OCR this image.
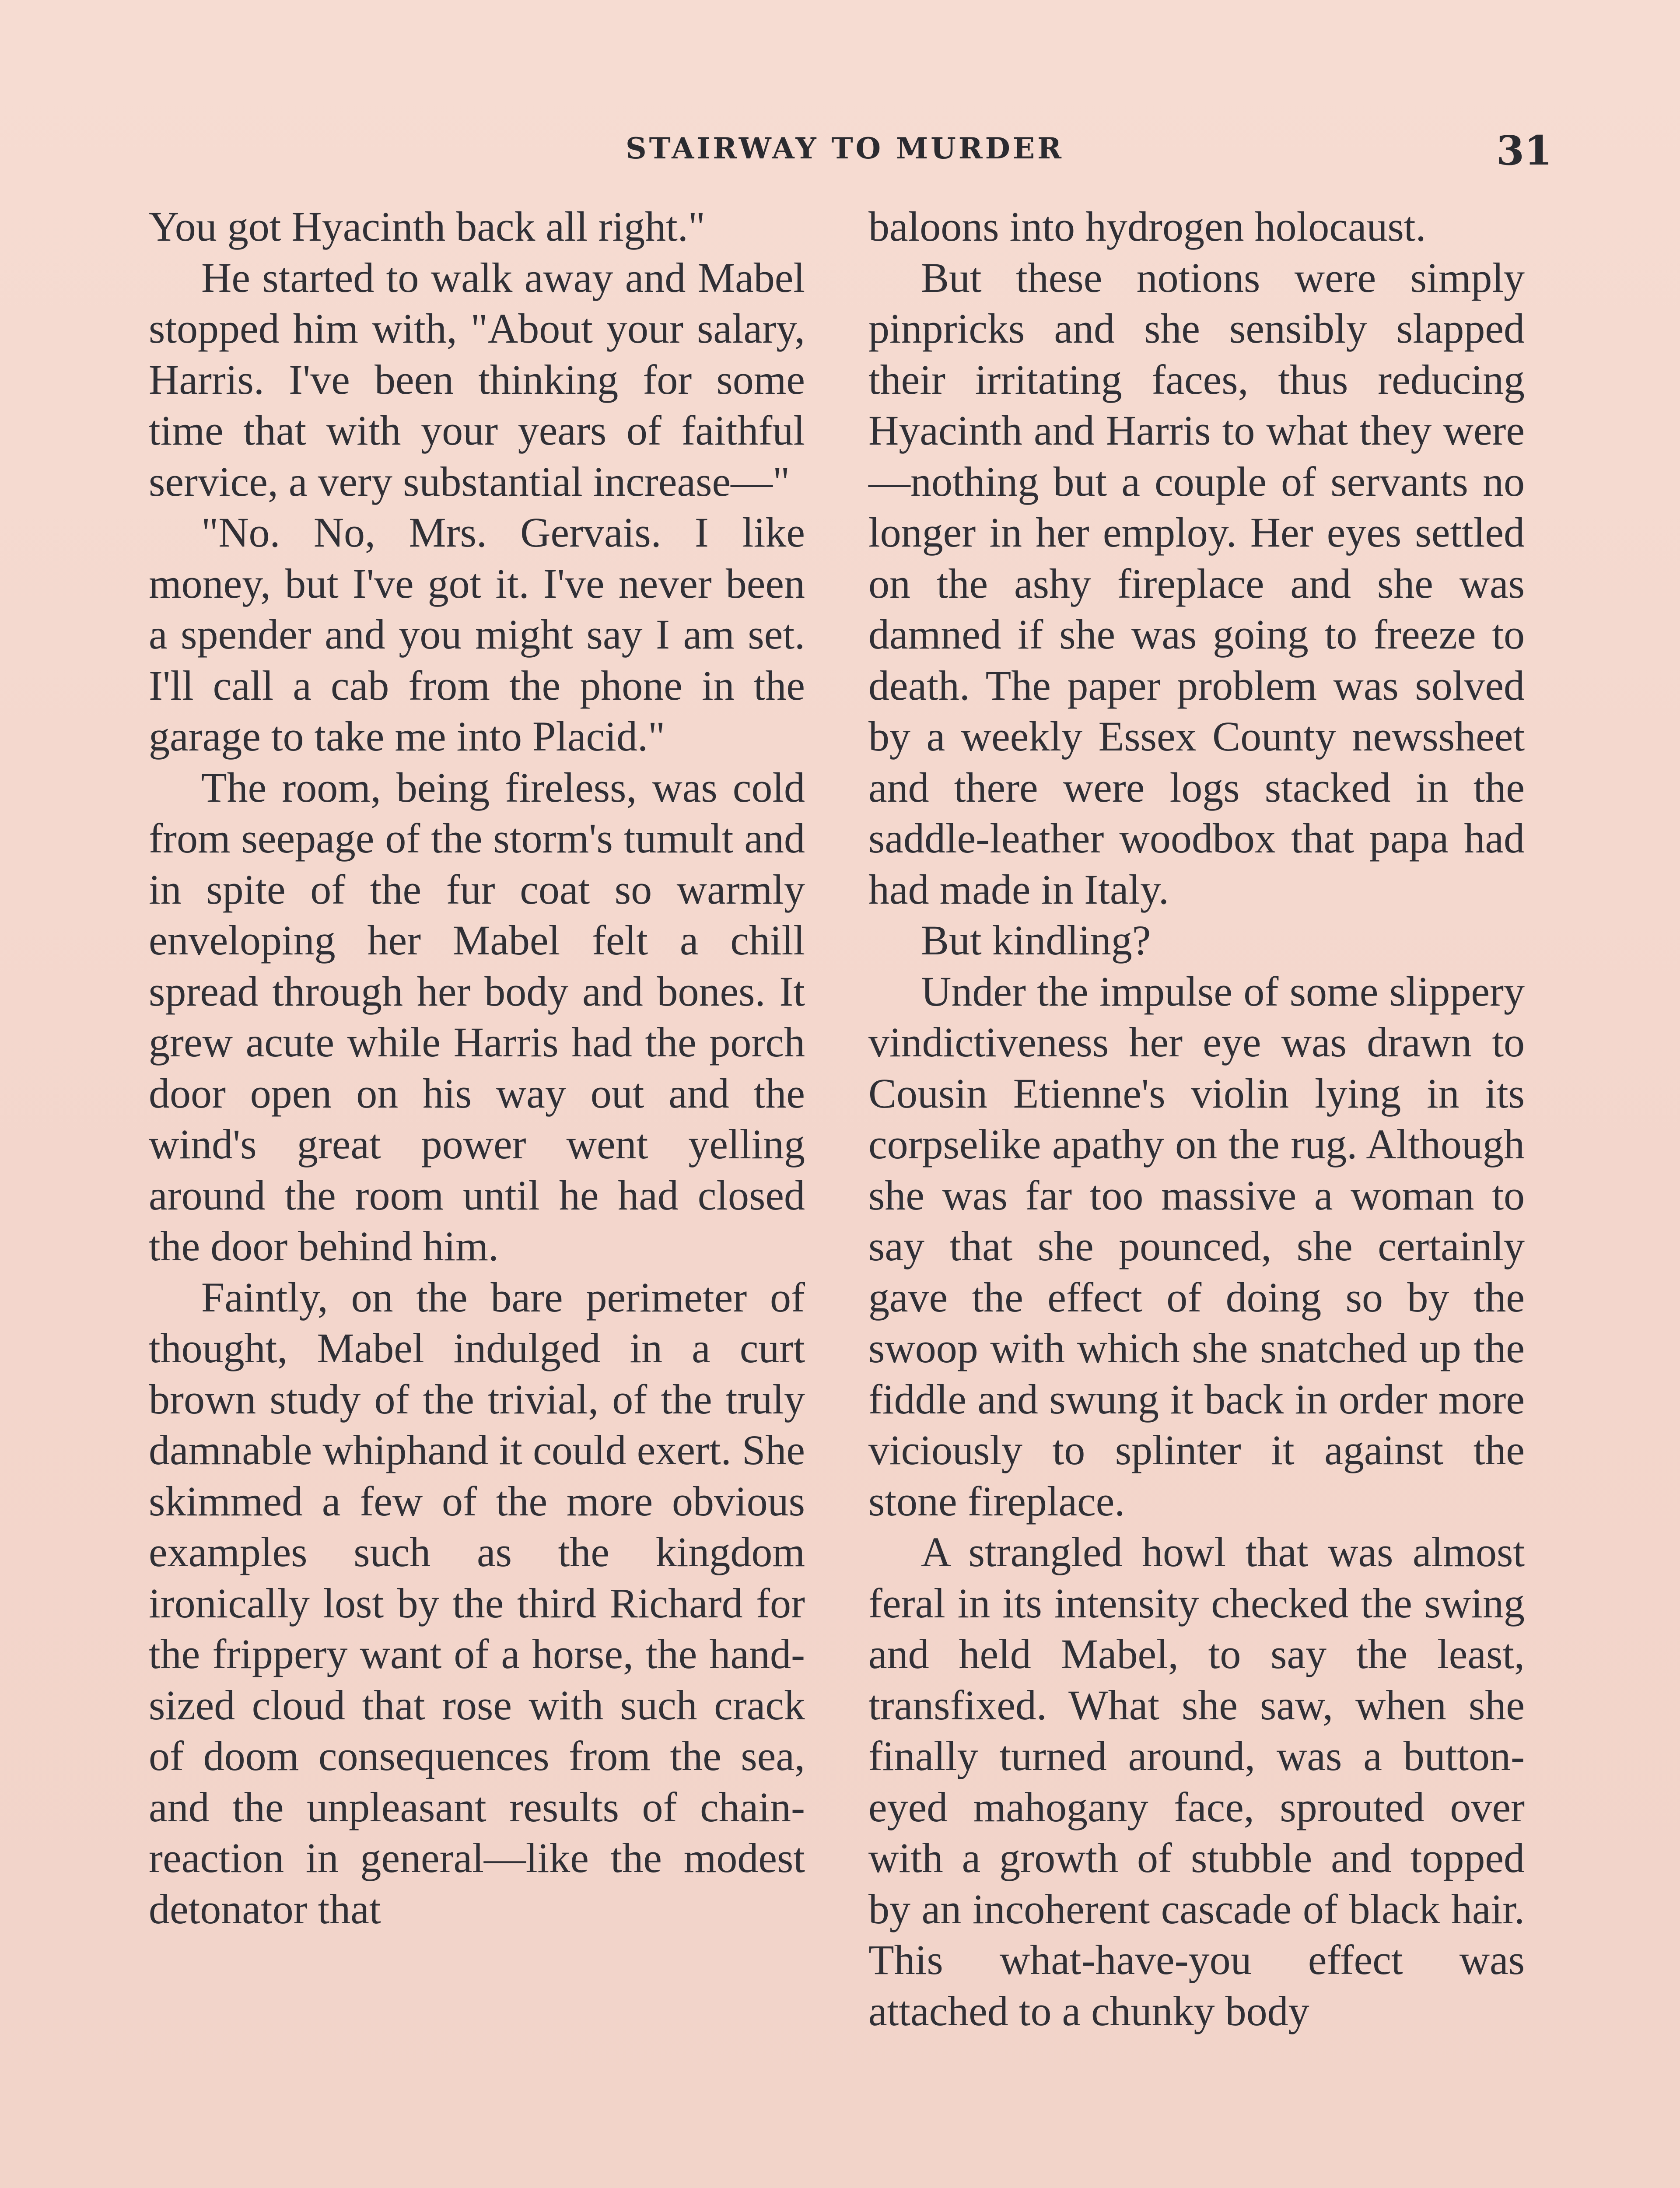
STAIRWAY TO MURDER	31

You got Hyacinth back all right."

He started to walk away and Mabel stopped him with, "About your salary, Harris. I've been thinking for some time that with your years of faithful service, a very substantial increase—"

"No. No, Mrs. Gervais. I like money, but I've got it. I've never been a spender and you might say I am set. I'll call a cab from the phone in the garage to take me into Placid."

The room, being fireless, was cold from seepage of the storm's tumult and in spite of the fur coat so warmly enveloping her Mabel felt a chill spread through her body and bones. It grew acute while Harris had the porch door open on his way out and the wind's great power went yelling around the room until he had closed the door behind him.

Faintly, on the bare perimeter of thought, Mabel indulged in a curt brown study of the trivial, of the truly damnable whiphand it could exert. She skimmed a few of the more obvious examples such as the kingdom ironically lost by the third Richard for the frippery want of a horse, the hand-sized cloud that rose with such crack of doom consequences from the sea, and the unpleasant results of chain-reaction in general—like the modest detonator that

baloons into hydrogen holocaust.

But these notions were simply pinpricks and she sensibly slapped their irritating faces, thus reducing Hyacinth and Harris to what they were—nothing but a couple of servants no longer in her employ. Her eyes settled on the ashy fireplace and she was damned if she was going to freeze to death. The paper problem was solved by a weekly Essex County newssheet and there were logs stacked in the saddle-leather woodbox that papa had had made in Italy.

But kindling?

Under the impulse of some slippery vindictiveness her eye was drawn to Cousin Etienne's violin lying in its corpselike apathy on the rug. Although she was far too massive a woman to say that she pounced, she certainly gave the effect of doing so by the swoop with which she snatched up the fiddle and swung it back in order more viciously to splinter it against the stone fireplace.

A strangled howl that was almost feral in its intensity checked the swing and held Mabel, to say the least, transfixed. What she saw, when she finally turned around, was a button-eyed mahogany face, sprouted over with a growth of stubble and topped by an incoherent cascade of black hair. This what-have-you effect was attached to a chunky body
